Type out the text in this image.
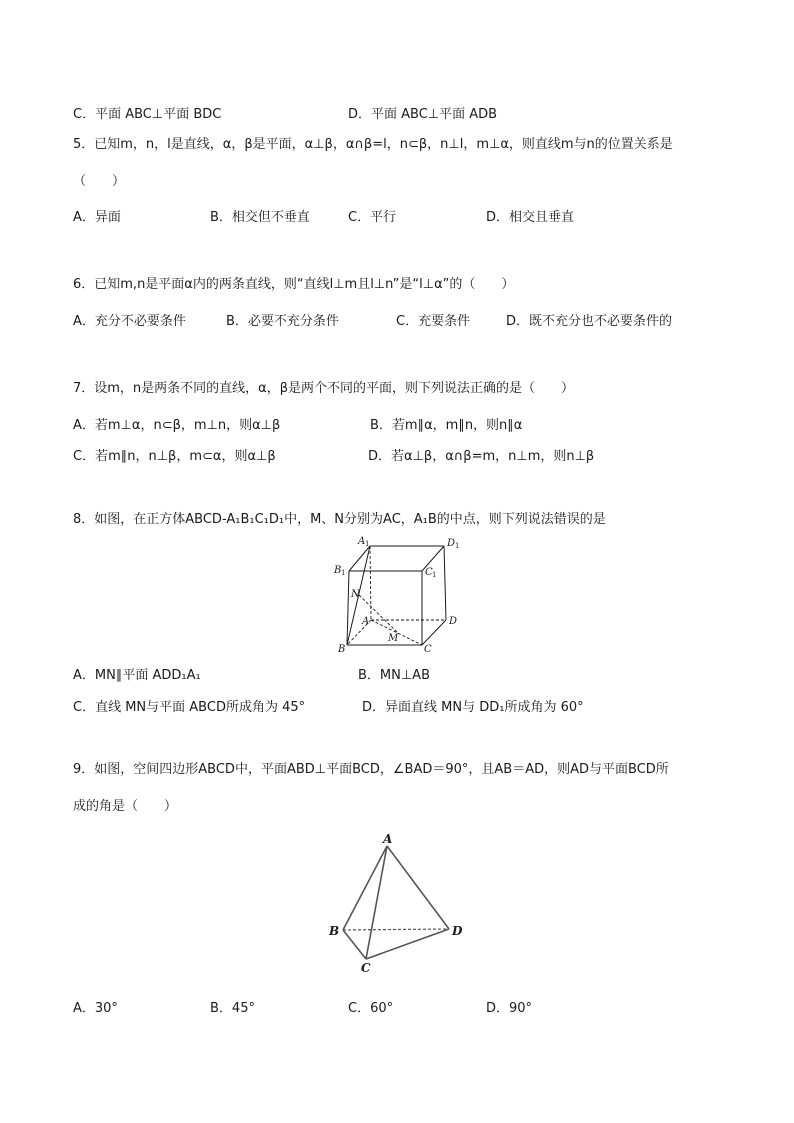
C．平面 ABC⊥平面 BDC	D．平面 ABC⊥平面 ADB
5．已知m，n，l是直线，α，β是平面，α⊥β，α∩β=l，n⊂β，n⊥l，m⊥α，则直线m与n的位置关系是
（　　）
A．异面	B．相交但不垂直	C．平行	D．相交且垂直
6．已知m,n是平面α内的两条直线，则“直线l⊥m且l⊥n”是“l⊥α”的（　　）
A．充分不必要条件	B．必要不充分条件	C．充要条件	D．既不充分也不必要条件的
7．设m，n是两条不同的直线，α，β是两个不同的平面，则下列说法正确的是（　　）
A．若m⊥α，n⊂β，m⊥n，则α⊥β	B．若m∥α，m∥n，则n∥α
C．若m∥n，n⊥β，m⊂α，则α⊥β	D．若α⊥β，α∩β=m，n⊥m，则n⊥β
8．如图，在正方体ABCD-A₁B₁C₁D₁中，M、N分别为AC，A₁B的中点，则下列说法错误的是
A 1	D 1
B 1	C 1
N
A	D
M
B	C
A．MN∥平面 ADD₁A₁	B．MN⊥AB
C．直线 MN与平面 ABCD所成角为 45°	D．异面直线 MN与 DD₁所成角为 60°
9．如图，空间四边形ABCD中，平面ABD⊥平面BCD，∠BAD＝90°，且AB＝AD，则AD与平面BCD所
成的角是（　　）
A
B	D
C
A．30°	B．45°	C．60°	D．90°
